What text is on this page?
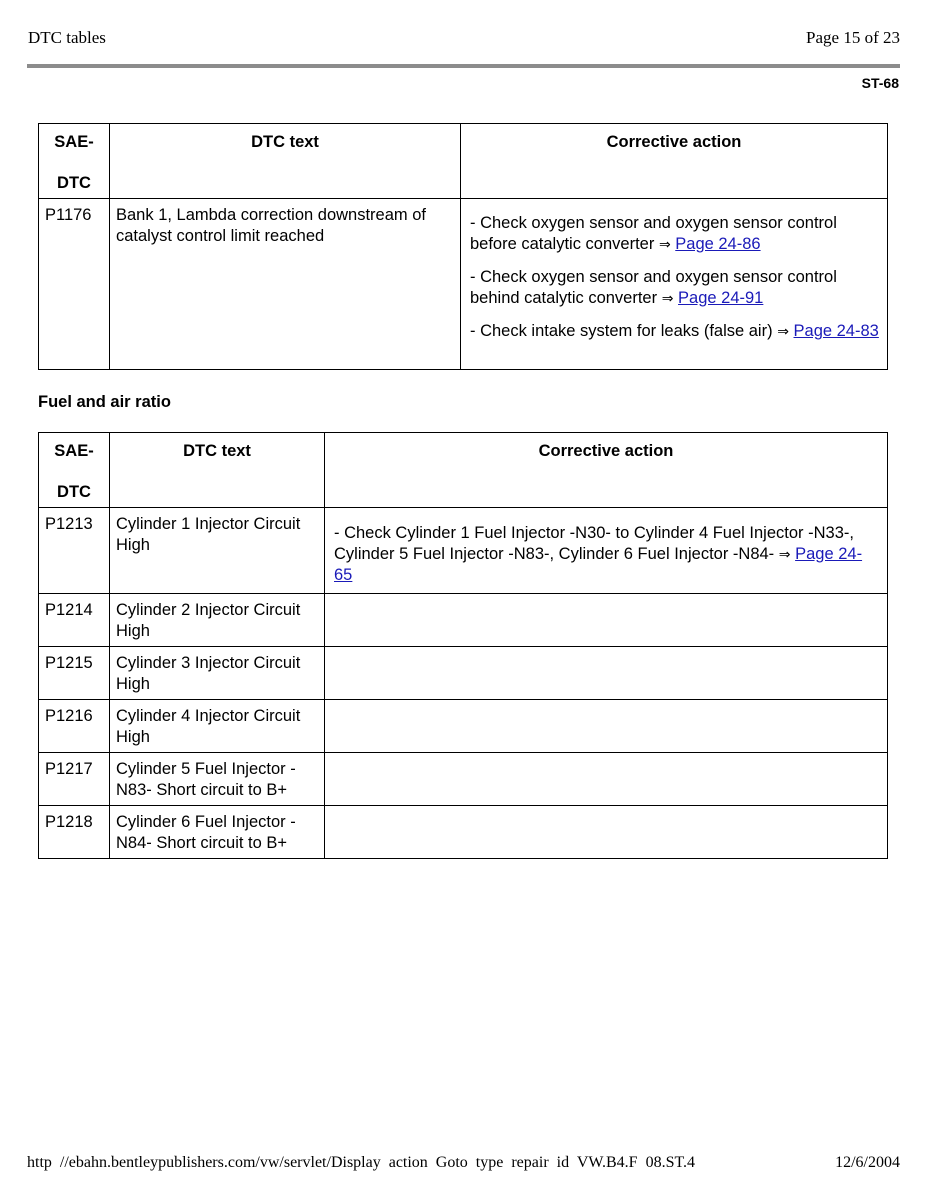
DTC tables	Page 15 of 23
ST-68
SAE-
DTC	DTC text	Corrective action
P1176	Bank 1, Lambda correction downstream of catalyst control limit reached	- Check oxygen sensor and oxygen sensor control before catalytic converter ⇒ Page 24-86

- Check oxygen sensor and oxygen sensor control behind catalytic converter ⇒ Page 24-91

- Check intake system for leaks (false air) ⇒ Page 24-83

Fuel and air ratio
SAE-
DTC	DTC text	Corrective action
P1213	Cylinder 1 Injector Circuit High	- Check Cylinder 1 Fuel Injector -N30- to Cylinder 4 Fuel Injector -N33-, Cylinder 5 Fuel Injector -N83-, Cylinder 6 Fuel Injector -N84- ⇒ Page 24-65
P1214	Cylinder 2 Injector Circuit High	
P1215	Cylinder 3 Injector Circuit High	
P1216	Cylinder 4 Injector Circuit High	
P1217	Cylinder 5 Fuel Injector -N83- Short circuit to B+	
P1218	Cylinder 6 Fuel Injector -N84- Short circuit to B+	
http //ebahn.bentleypublishers.com/vw/servlet/Display action Goto type repair id VW.B4.F 08.ST.4	12/6/2004
